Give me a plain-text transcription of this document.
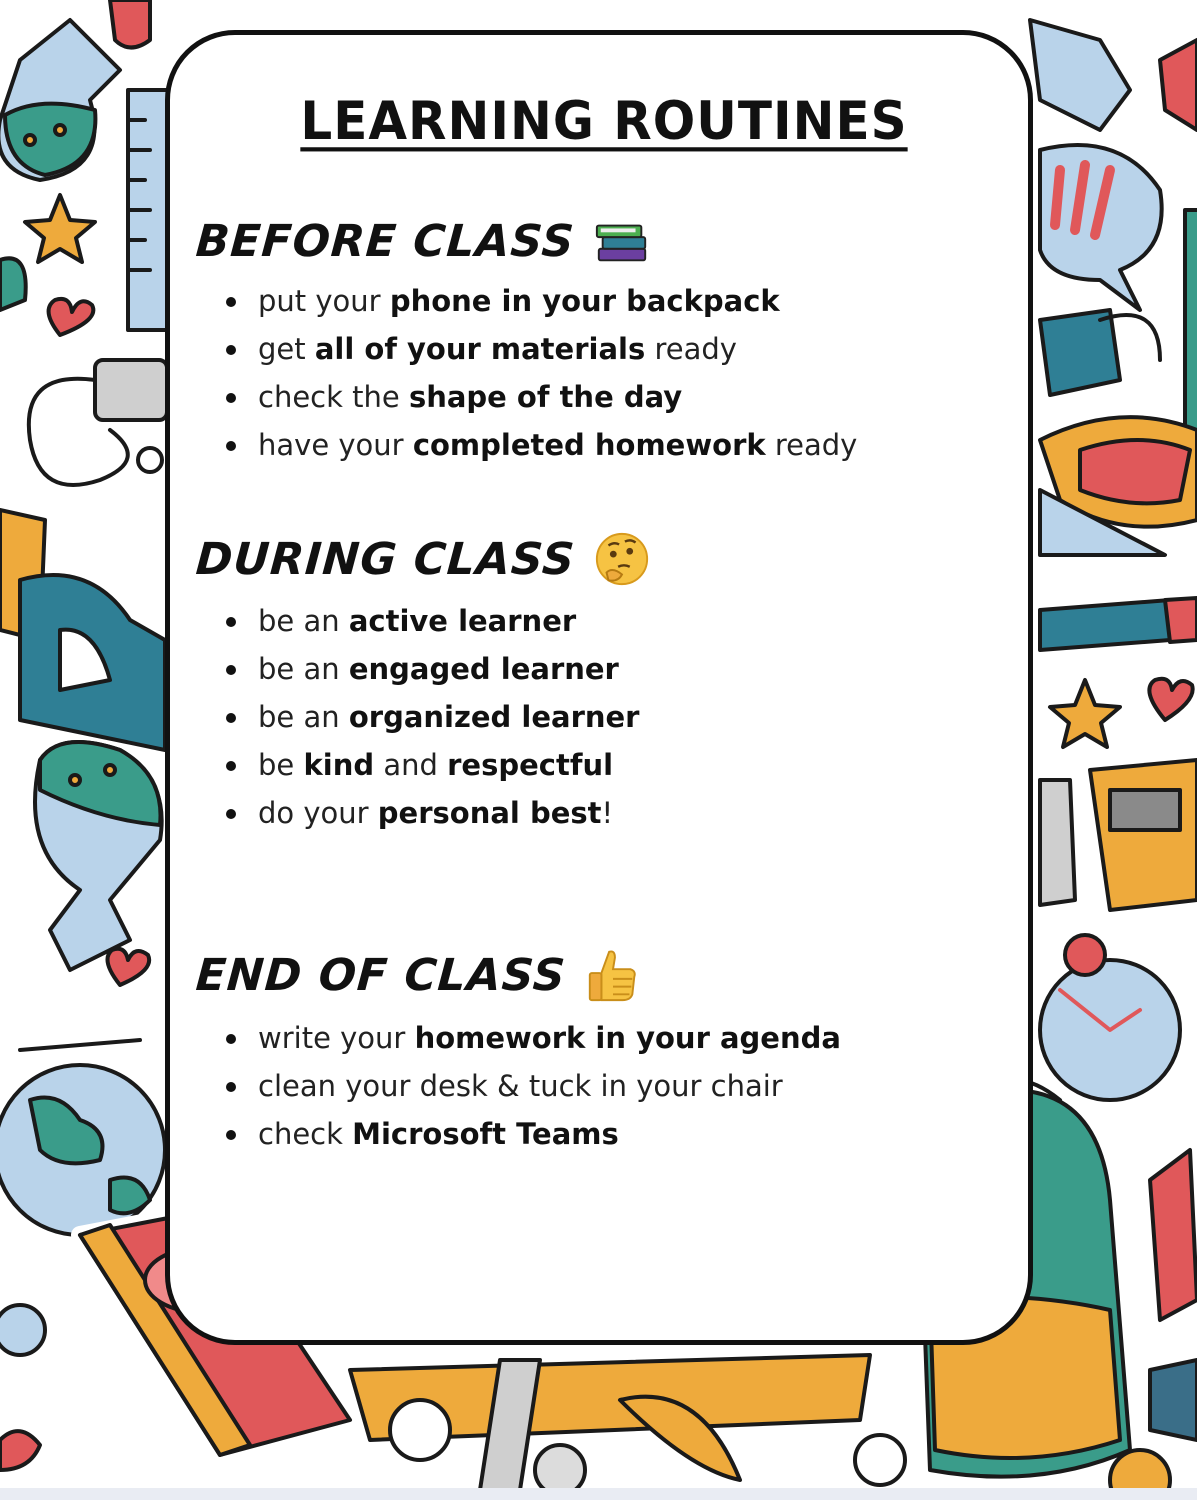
LEARNING ROUTINES
BEFORE CLASS
put your phone in your backpack
get all of your materials ready
check the shape of the day
have your completed homework ready
DURING CLASS
be an active learner
be an engaged learner
be an organized learner
be kind and respectful
do your personal best!
END OF CLASS
write your homework in your agenda
clean your desk & tuck in your chair
check Microsoft Teams
